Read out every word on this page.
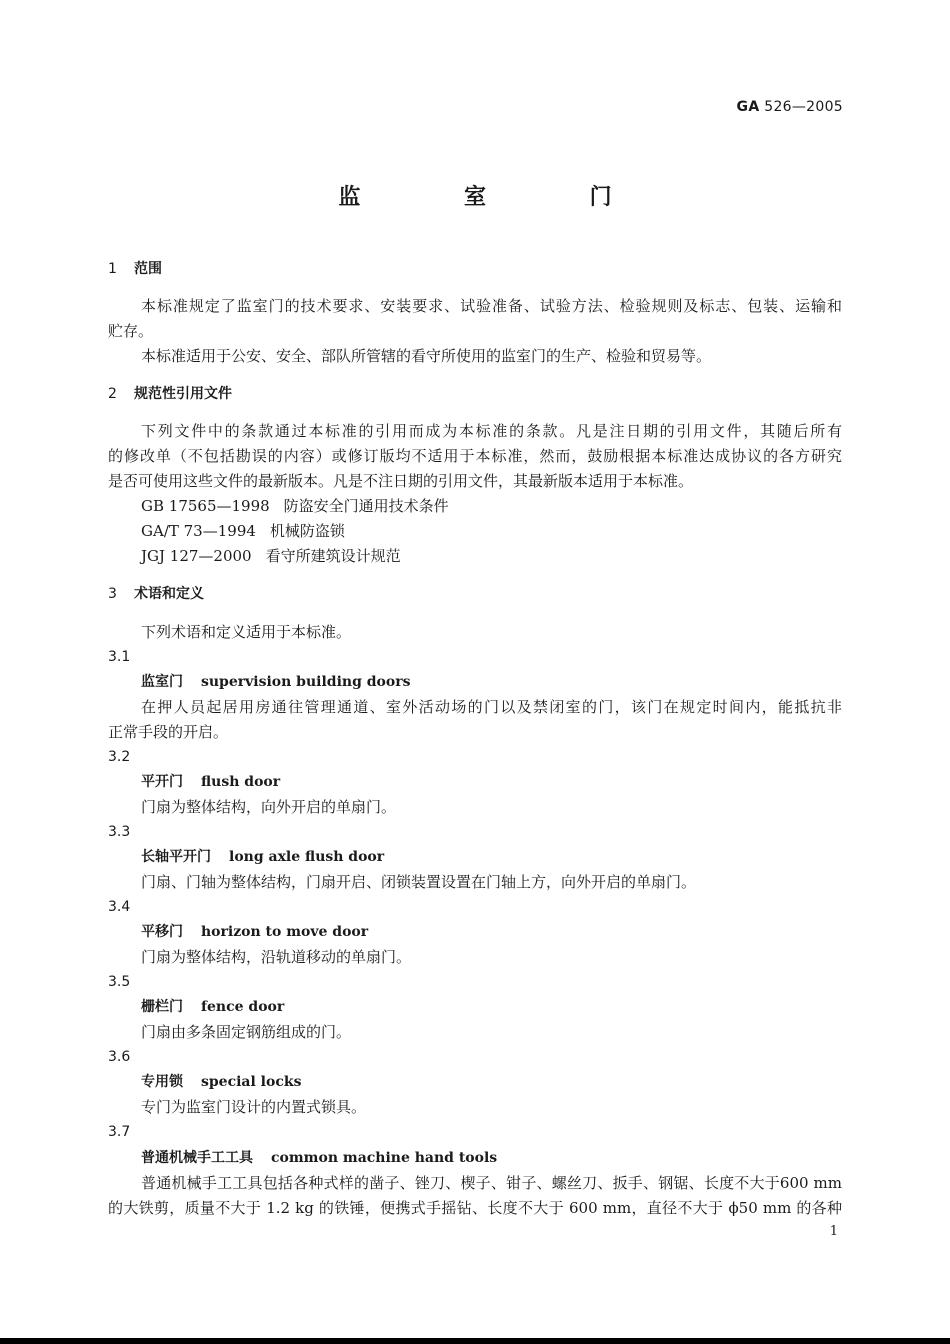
GA 526—2005
监 室 门
1 范围
本标准规定了监室门的技术要求、安装要求、试验准备、试验方法、检验规则及标志、包装、运输和
贮存。
本标准适用于公安、安全、部队所管辖的看守所使用的监室门的生产、检验和贸易等。
2 规范性引用文件
下列文件中的条款通过本标准的引用而成为本标准的条款。凡是注日期的引用文件，其随后所有
的修改单（不包括勘误的内容）或修订版均不适用于本标准，然而，鼓励根据本标准达成协议的各方研究
是否可使用这些文件的最新版本。凡是不注日期的引用文件，其最新版本适用于本标准。
GB 17565—1998 防盗安全门通用技术条件
GA/T 73—1994 机械防盗锁
JGJ 127—2000 看守所建筑设计规范
3 术语和定义
下列术语和定义适用于本标准。
3.1
监室门 supervision building doors
在押人员起居用房通往管理通道、室外活动场的门以及禁闭室的门，该门在规定时间内，能抵抗非
正常手段的开启。
3.2
平开门 flush door
门扇为整体结构，向外开启的单扇门。
3.3
长轴平开门 long axle flush door
门扇、门轴为整体结构，门扇开启、闭锁装置设置在门轴上方，向外开启的单扇门。
3.4
平移门 horizon to move door
门扇为整体结构，沿轨道移动的单扇门。
3.5
栅栏门 fence door
门扇由多条固定钢筋组成的门。
3.6
专用锁 special locks
专门为监室门设计的内置式锁具。
3.7
普通机械手工工具 common machine hand tools
普通机械手工工具包括各种式样的凿子、锉刀、楔子、钳子、螺丝刀、扳手、钢锯、长度不大于600 mm
的大铁剪，质量不大于 1.2 kg 的铁锤，便携式手摇钻、长度不大于 600 mm，直径不大于 ϕ50 mm 的各种
1
